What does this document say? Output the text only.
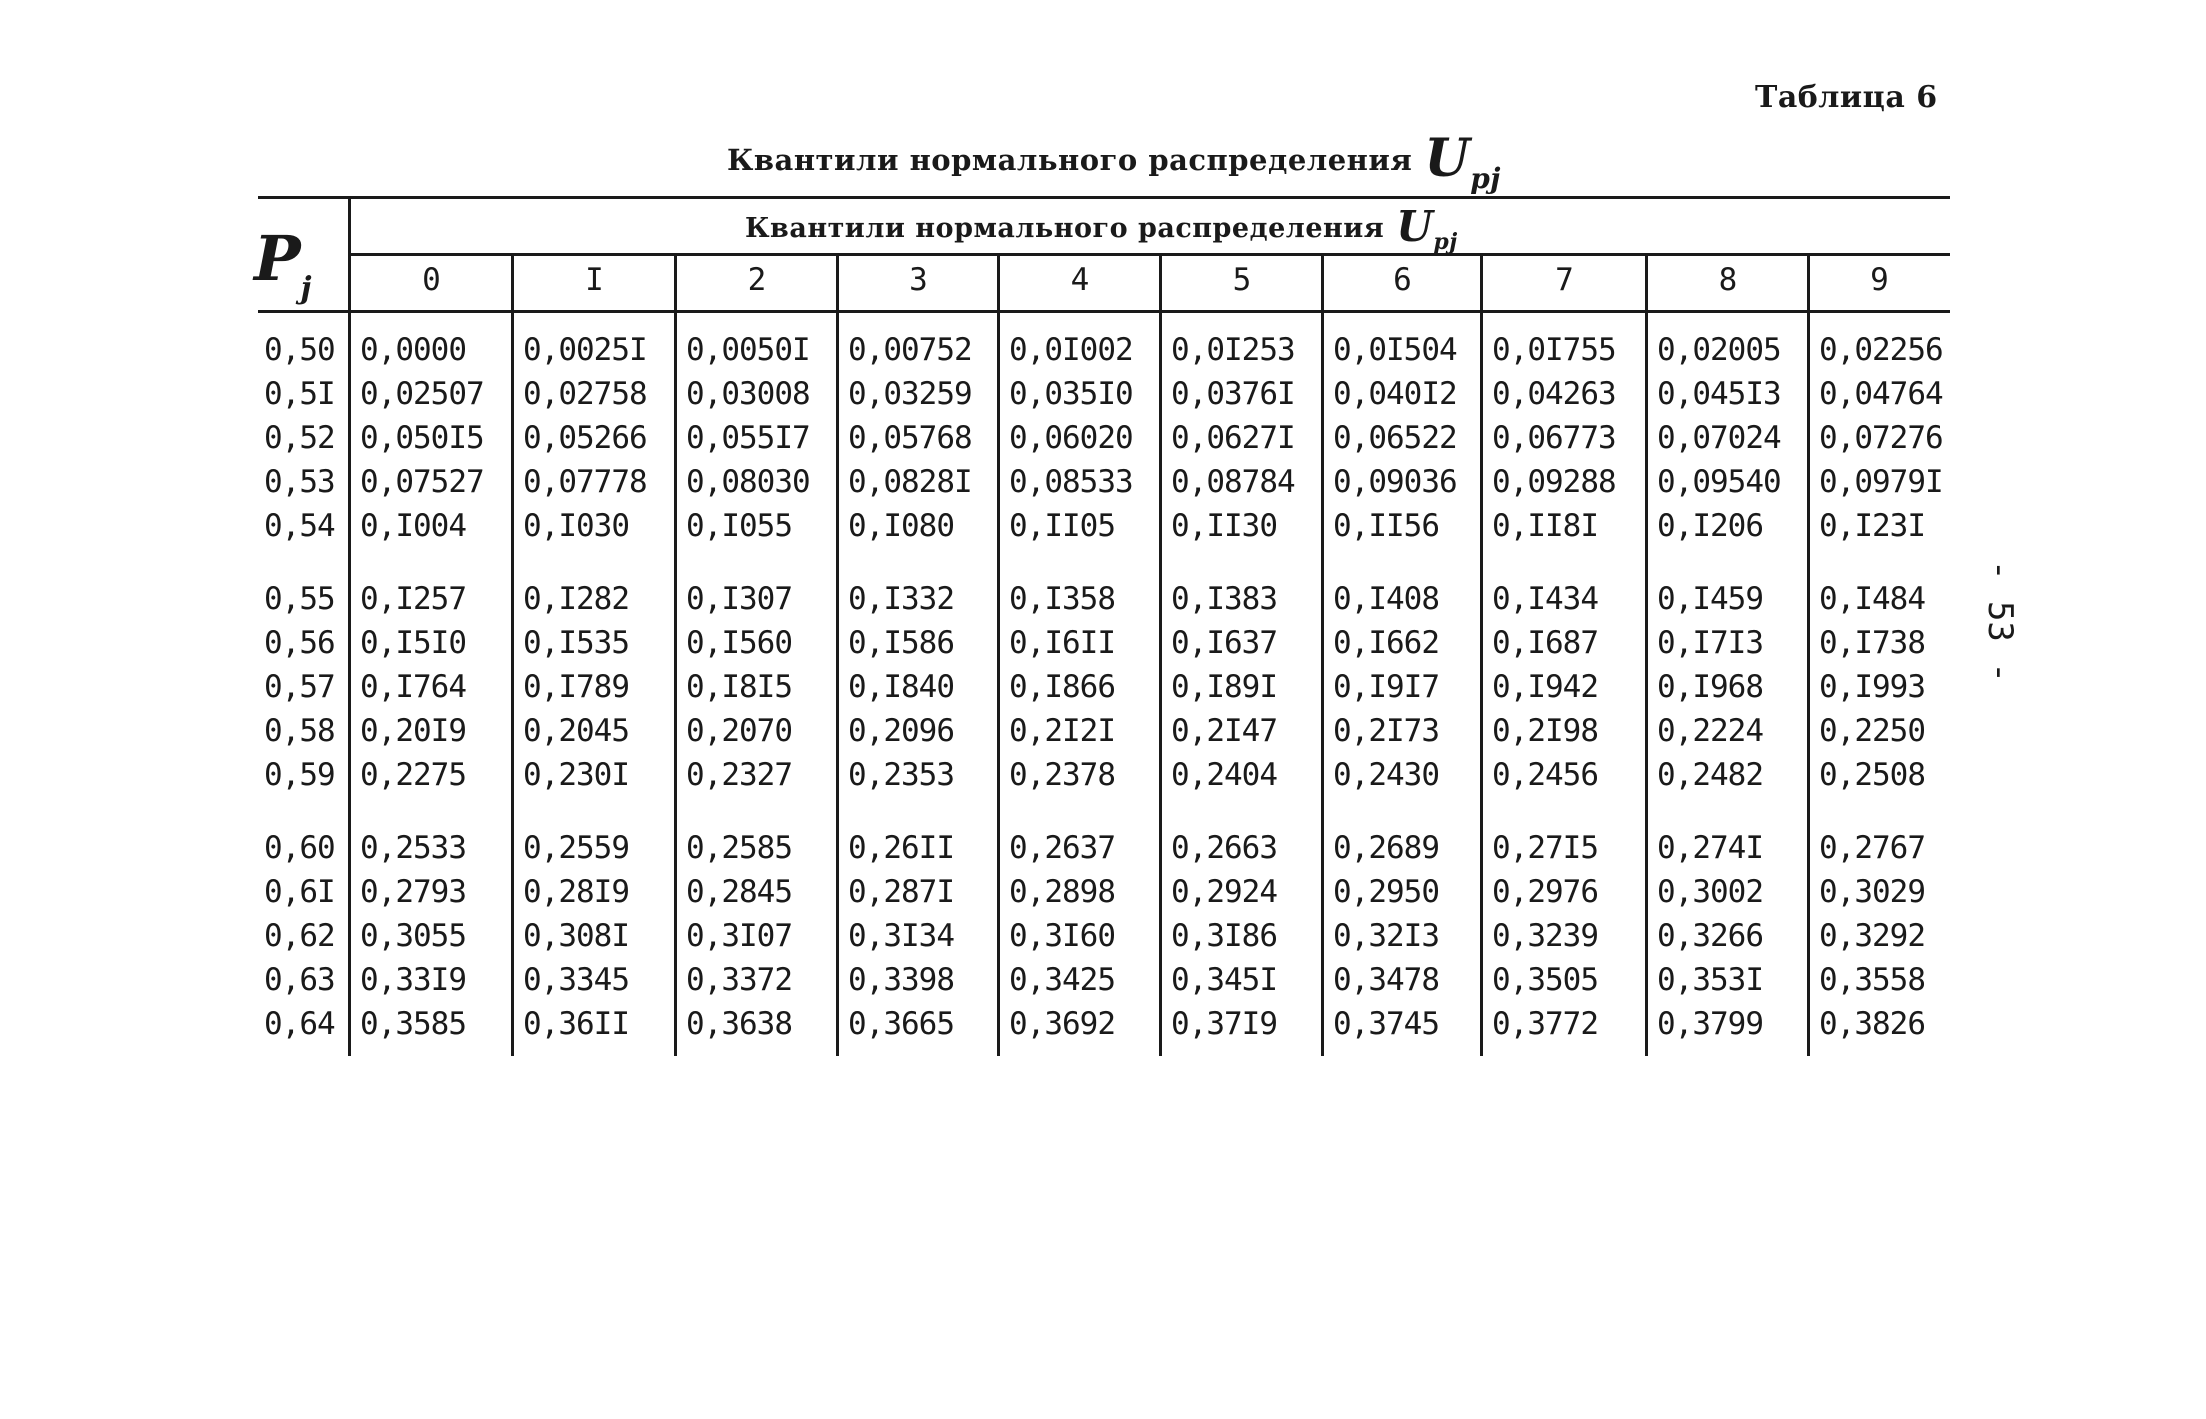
Таблица 6
Квантили нормального распределения Upj
Квантили нормального распределения $U_{pj}$
$P_j$	0	I	2	3	4	5	6	7	8	9
0,50 0,0000 0,0025I 0,0050I 0,00752 0,0I002 0,0I253 0,0I504 0,0I755 0,02005 0,02256
0,5I 0,02507 0,02758 0,03008 0,03259 0,035I0 0,0376I 0,040I2 0,04263 0,045I3 0,04764
0,52 0,050I5 0,05266 0,055I7 0,05768 0,06020 0,0627I 0,06522 0,06773 0,07024 0,07276
0,53 0,07527 0,07778 0,08030 0,0828I 0,08533 0,08784 0,09036 0,09288 0,09540 0,0979I
0,54 0,I004 0,I030 0,I055 0,I080 0,II05 0,II30 0,II56 0,II8I 0,I206 0,I23I
0,55 0,I257 0,I282 0,I307 0,I332 0,I358 0,I383 0,I408 0,I434 0,I459 0,I484
0,56 0,I5I0 0,I535 0,I560 0,I586 0,I6II 0,I637 0,I662 0,I687 0,I7I3 0,I738
0,57 0,I764 0,I789 0,I8I5 0,I840 0,I866 0,I89I 0,I9I7 0,I942 0,I968 0,I993
0,58 0,20I9 0,2045 0,2070 0,2096 0,2I2I 0,2I47 0,2I73 0,2I98 0,2224 0,2250
0,59 0,2275 0,230I 0,2327 0,2353 0,2378 0,2404 0,2430 0,2456 0,2482 0,2508
0,60 0,2533 0,2559 0,2585 0,26II 0,2637 0,2663 0,2689 0,27I5 0,274I 0,2767
0,6I 0,2793 0,28I9 0,2845 0,287I 0,2898 0,2924 0,2950 0,2976 0,3002 0,3029
0,62 0,3055 0,308I 0,3I07 0,3I34 0,3I60 0,3I86 0,32I3 0,3239 0,3266 0,3292
0,63 0,33I9 0,3345 0,3372 0,3398 0,3425 0,345I 0,3478 0,3505 0,353I 0,3558
0,64 0,3585 0,36II 0,3638 0,3665 0,3692 0,37I9 0,3745 0,3772 0,3799 0,3826
- 53 -
